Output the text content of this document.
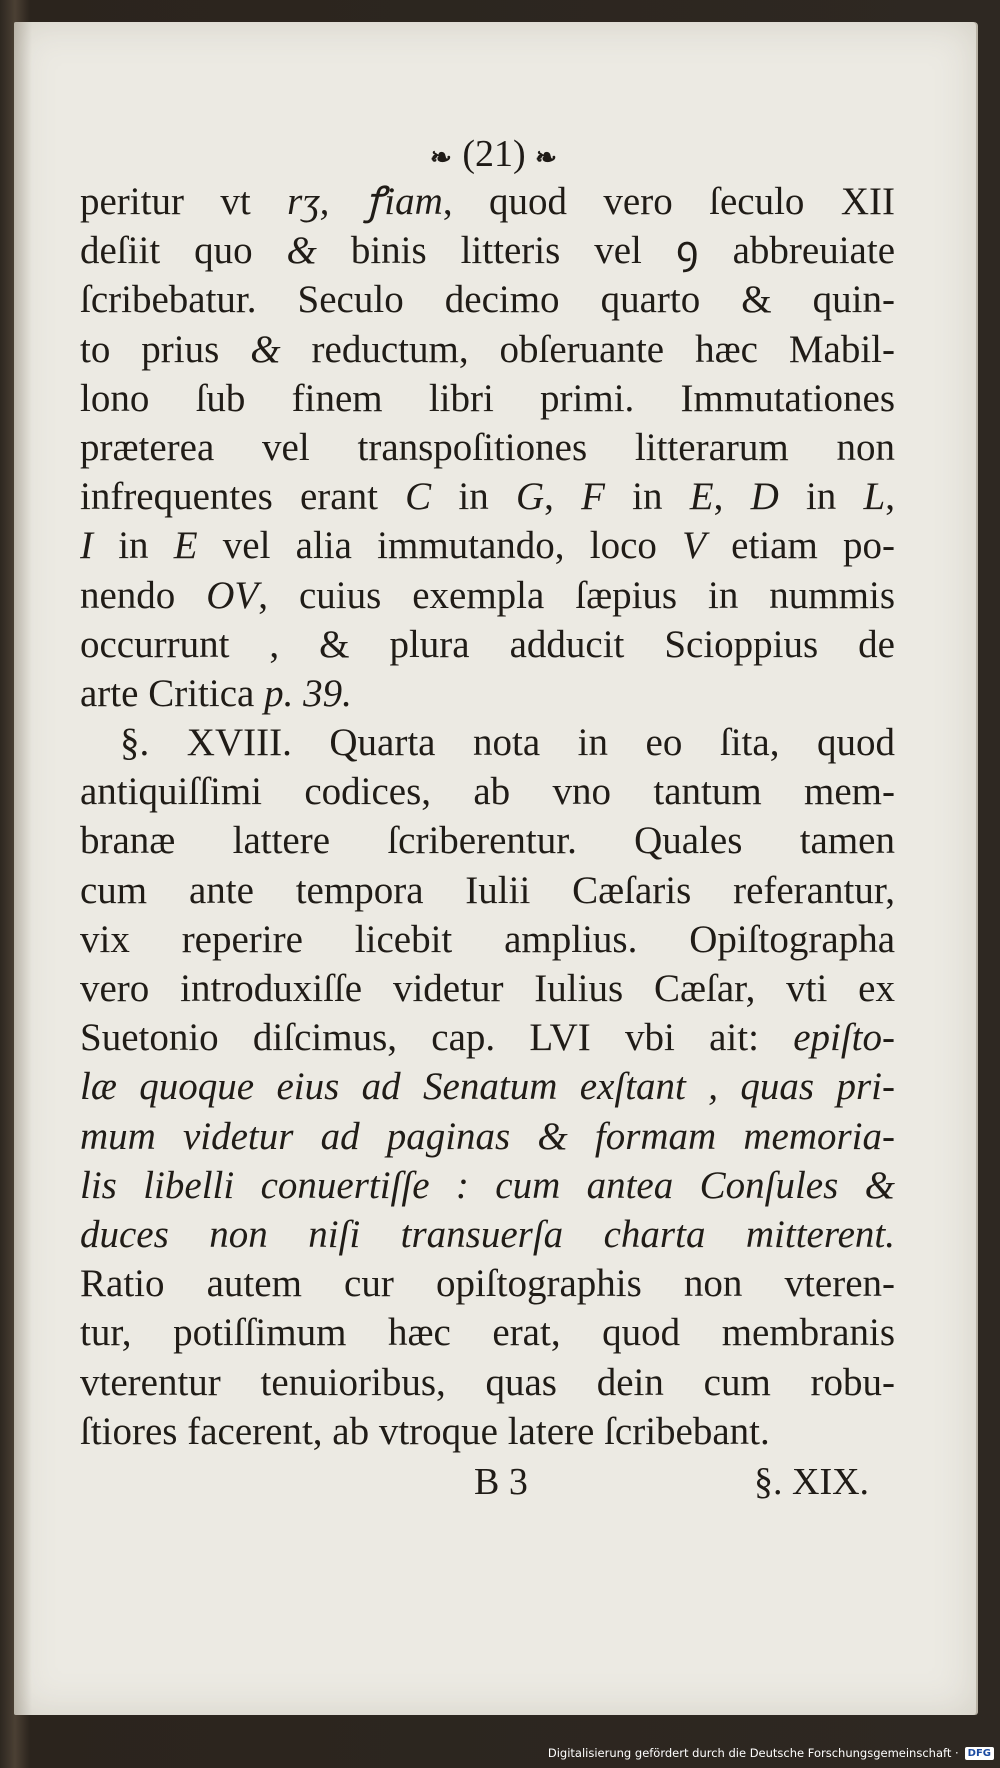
❧ (21) ❧
peritur vt rʒ, ꝭiam, quod vero ſeculo XII
deſiit quo & binis litteris vel ꝯ abbreuiate
ſcribebatur. Seculo decimo quarto & quin-
to prius & reductum, obſeruante hæc Mabil-
lono ſub finem libri primi. Immutationes
præterea vel transpoſitiones litterarum non
infrequentes erant C in G, F in E, D in L,
I in E vel alia immutando, loco V etiam po-
nendo OV, cuius exempla ſæpius in nummis
occurrunt , & plura adducit Scioppius de
arte Critica p. 39.
§. XVIII. Quarta nota in eo ſita, quod
antiquiſſimi codices, ab vno tantum mem-
branæ lattere ſcriberentur. Quales tamen
cum ante tempora Iulii Cæſaris referantur,
vix reperire licebit amplius. Opiſtographa
vero introduxiſſe videtur Iulius Cæſar, vti ex
Suetonio diſcimus, cap. LVI vbi ait: epiſto-
læ quoque eius ad Senatum exſtant , quas pri-
mum videtur ad paginas & formam memoria-
lis libelli conuertiſſe : cum antea Conſules &
duces non niſi transuerſa charta mitterent.
Ratio autem cur opiſtographis non vteren-
tur, potiſſimum hæc erat, quod membranis
vterentur tenuioribus, quas dein cum robu-
ſtiores facerent, ab vtroque latere ſcribebant.
B 3	§. XIX.
Digitalisierung gefördert durch die Deutsche Forschungsgemeinschaft · DFG
